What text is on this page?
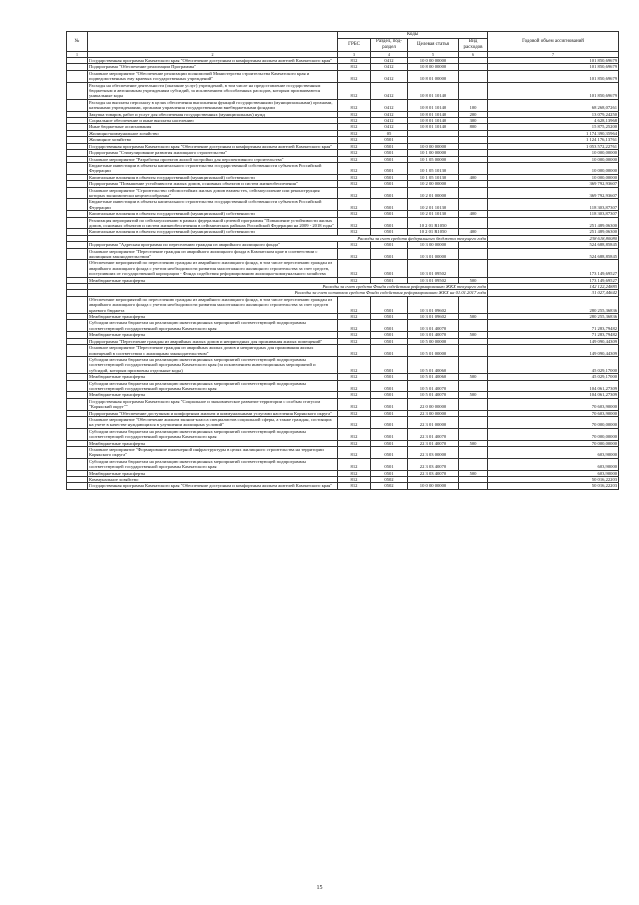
№		Коды				Годовой объем ассигнований
		ГРБС	Раздел, под-раздел	Целевая статья	Вид расходов	
1	2	3	4	5	6	7
	Государственная программа Камчатского края "Обеспечение доступным и комфортным жильем жителей Камчатского края"	812	0412	10 0 00 00000		101 850,69679
	Подпрограмма "Обеспечение реализации Программы"	812	0412	10 8 00 00000		101 850,69679
	Основное мероприятие "Обеспечение реализации полномочий Министерства строительства Камчатского края и подведомственных ему краевых государственных учреждений"	812	0412	10 8 01 00000		101 850,69679
	Расходы на обеспечение деятельности (оказание услуг) учреждений, в том числе на предоставление государственным бюджетным и автономным учреждениям субсидий, за исключением обособленных расходов, которым присваиваются уникальные коды	812	0412	10 8 01 10140		101 850,69679
	Расходы на выплаты персоналу в целях обеспечения выполнения функций государственными (муниципальными) органами, казенными учреждениями, органами управления государственными внебюджетными фондами	812	0412	10 8 01 10140	100	68 268,07261
	Закупка товаров, работ и услуг для обеспечения государственных (муниципальных) нужд	812	0412	10 8 01 10140	200	13 079,24250
	Социальное обеспечение и иные выплаты населению	812	0412	10 8 01 10140	300	4 628,13968
	Иные бюджетные ассигнования	812	0412	10 8 01 10140	800	15 875,25200
	Жилищно-коммунальное хозяйство	812	05			1 174 390,35964
	Жилищное хозяйство	812	0501			1 124 176,13761
	Государственная программа Камчатского края "Обеспечение доступным и комфортным жильем жителей Камчатского края"	812	0501	10 0 00 00000		1 053 572,22761
	Подпрограмма "Стимулирование развития жилищного строительства"	812	0501	10 1 00 00000		10 000,00000
	Основное мероприятие "Разработка проектов жилой застройки для перспективного строительства"	812	0501	10 1 05 00000		10 000,00000
	Бюджетные инвестиции в объекты капитального строительства государственной собственности субъектов Российской Федерации	812	0501	10 1 05 10130		10 000,00000
	Капитальные вложения в объекты государственной (муниципальной) собственности	812	0501	10 1 05 10130	400	10 000,00000
	Подпрограмма "Повышение устойчивости жилых домов, основных объектов и систем жизнеобеспечения"	812	0501	10 2 00 00000		369 792,93607
	Основное мероприятие "Строительство сейсмостойких жилых домов взамен тех, сейсмоусиление или реконструкция которых экономически нецелесообразны"	812	0501	10 2 01 00000		369 792,93607
	Бюджетные инвестиции в объекты капитального строительства государственной собственности субъектов Российской Федерации	812	0501	10 2 01 10130		118 303,87307
	Капитальные вложения в объекты государственной (муниципальной) собственности	812	0501	10 2 01 10130	400	118 303,87307
	Реализация мероприятий по сейсмоусилению в рамках федеральной целевой программы "Повышение устойчивости жилых домов, основных объектов и систем жизнеобеспечения в сейсмических районах Российской Федерации на 2009 - 2018 годы"	812	0501	10 2 01 R1050		251 489,06300
	Капитальные вложения в объекты государственной (муниципальной) собственности	812	0501	10 2 01 R1050	400	251 489,06300
	Расходы за счет средств федерального бюджета текущего года					238 618,80080
	Подпрограмма "Адресная программа по переселению граждан из аварийного жилищного фонда"	812	0501	10 3 00 00000		524 688,85845
	Основное мероприятие "Переселение граждан из аварийного жилищного фонда в Камчатском крае в соответствии с жилищным законодательством"	812	0501	10 3 01 00000		524 688,85845
	Обеспечение мероприятий по переселению граждан из аварийного жилищного фонда, в том числе переселению граждан из аварийного жилищного фонда с учетом необходимости развития малоэтажного жилищного строительства за счет средств, поступивших от государственной корпорации - Фонда содействия реформированию жилищно-коммунального хозяйства	812	0501	10 3 01 09502		173 149,69527
	Межбюджетные трансферты	812	0501	10 3 01 09502	500	173 149,69527
	Расходы за счет средств Фонда содействия реформированию ЖКХ текущего года					142 122,24885
	Расходы за счет остатков средств Фонда содействия реформированию ЖКХ на 01.01.2017 года					31 027,44642
	Обеспечение мероприятий по переселению граждан из аварийного жилищного фонда, в том числе переселению граждан из аварийного жилищного фонда с учетом необходимости развития малоэтажного жилищного строительства за счет средств краевого бюджета	812	0501	10 3 01 09602		280 255,36836
	Межбюджетные трансферты	812	0501	10 3 01 09602	500	280 255,36836
	Субсидии местным бюджетам на реализацию инвестиционных мероприятий соответствующей подпрограммы соответствующей государственной программы Камчатского края	812	0501	10 3 01 40070		71 283,79482
	Межбюджетные трансферты	812	0501	10 3 01 40070	500	71 283,79482
	Подпрограмма "Переселение граждан из аварийных жилых домов и непригодных для проживания жилых помещений"	812	0501	10 5 00 00000		149 090,44309
	Основное мероприятие "Переселение граждан из аварийных жилых домов и непригодных для проживания жилых помещений в соответствии с жилищным законодательством"	812	0501	10 5 01 00000		149 090,44309
	Субсидии местным бюджетам на реализацию инвестиционных мероприятий соответствующей подпрограммы соответствующей государственной программы Камчатского края (за исключением инвестиционных мероприятий и субсидий, которым присвоены отдельные коды)	812	0501	10 5 01 40060		45 029,17000
	Межбюджетные трансферты	812	0501	10 5 01 40060	500	45 029,17000
	Субсидии местным бюджетам на реализацию инвестиционных мероприятий соответствующей подпрограммы соответствующей государственной программы Камчатского края	812	0501	10 5 01 40070		104 061,27309
	Межбюджетные трансферты	812	0501	10 5 01 40070	500	104 061,27309
	Государственная программа Камчатского края "Социальное и экономическое развитие территории с особым статусом "Корякский округ""	812	0501	22 0 00 00000		70 603,90000
	Подпрограмма "Обеспечение доступным и комфортным жильем и коммунальными услугами населения Корякского округа"	812	0501	22 3 00 00000		70 603,90000
	Основное мероприятие "Обеспечение жильем эконом-класса специалистов социальной сферы, а также граждан, состоящих на учете в качестве нуждающихся в улучшении жилищных условий"	812	0501	22 3 01 00000		70 000,00000
	Субсидии местным бюджетам на реализацию инвестиционных мероприятий соответствующей подпрограммы соответствующей государственной программы Камчатского края	812	0501	22 3 01 40070		70 000,00000
	Межбюджетные трансферты	812	0501	22 3 01 40070	500	70 000,00000
	Основное мероприятие "Формирование инженерной инфраструктуры в целях жилищного строительства на территории Корякского округа"	812	0501	22 3 03 00000		603,90000
	Субсидии местным бюджетам на реализацию инвестиционных мероприятий соответствующей подпрограммы соответствующей государственной программы Камчатского края	812	0501	22 3 03 40070		603,90000
	Межбюджетные трансферты	812	0501	22 3 03 40070	500	603,90000
	Коммунальное хозяйство	812	0502			50 016,22203
	Государственная программа Камчатского края "Обеспечение доступным и комфортным жильем жителей Камчатского края"	812	0502	10 0 00 00000		50 016,22203
15
